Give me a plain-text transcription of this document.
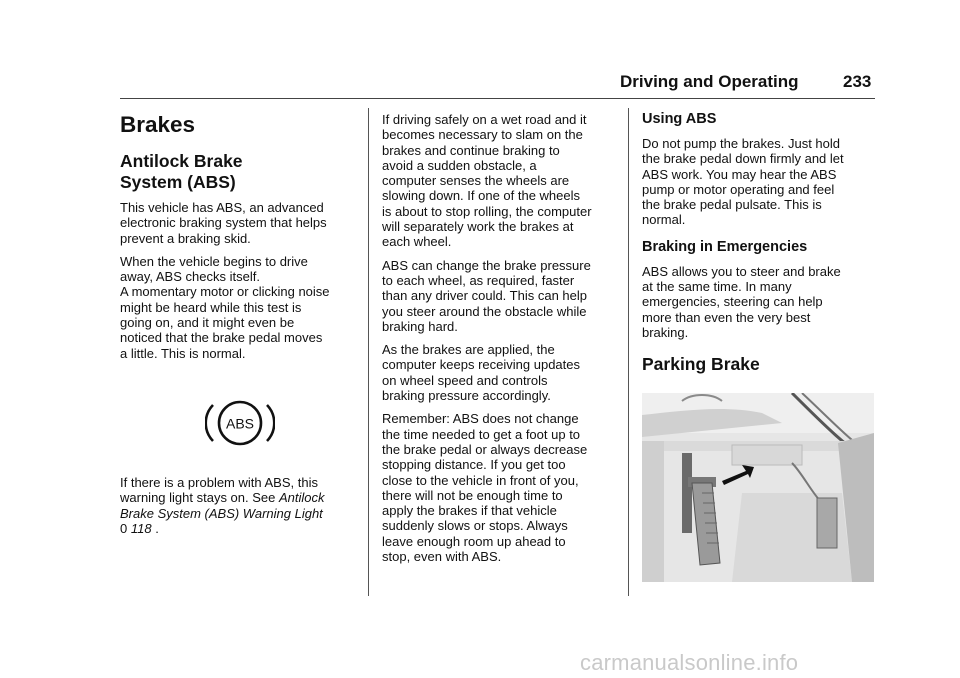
Driving and Operating	233
Brakes
Antilock Brake
System (ABS)

This vehicle has ABS, an advanced
electronic braking system that helps
prevent a braking skid.

When the vehicle begins to drive
away, ABS checks itself.
A momentary motor or clicking noise
might be heard while this test is
going on, and it might even be
noticed that the brake pedal moves
a little. This is normal.

ABS

If there is a problem with ABS, this
warning light stays on. See Antilock
Brake System (ABS) Warning Light
0 118 .

If driving safely on a wet road and it
becomes necessary to slam on the
brakes and continue braking to
avoid a sudden obstacle, a
computer senses the wheels are
slowing down. If one of the wheels
is about to stop rolling, the computer
will separately work the brakes at
each wheel.

ABS can change the brake pressure
to each wheel, as required, faster
than any driver could. This can help
you steer around the obstacle while
braking hard.

As the brakes are applied, the
computer keeps receiving updates
on wheel speed and controls
braking pressure accordingly.

Remember: ABS does not change
the time needed to get a foot up to
the brake pedal or always decrease
stopping distance. If you get too
close to the vehicle in front of you,
there will not be enough time to
apply the brakes if that vehicle
suddenly slows or stops. Always
leave enough room up ahead to
stop, even with ABS.

Using ABS

Do not pump the brakes. Just hold
the brake pedal down firmly and let
ABS work. You may hear the ABS
pump or motor operating and feel
the brake pedal pulsate. This is
normal.

Braking in Emergencies

ABS allows you to steer and brake
at the same time. In many
emergencies, steering can help
more than even the very best
braking.

Parking Brake
carmanualsonline.info
